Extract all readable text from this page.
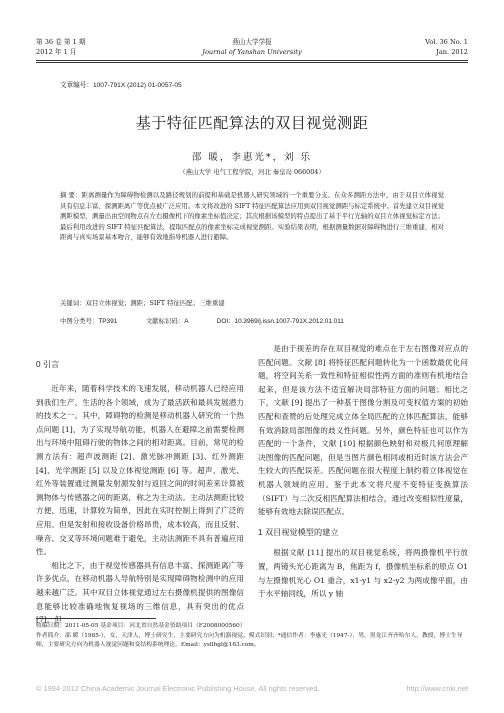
第 36 卷 第 1 期
2012 年 1 月
燕山大学学报
Journal of Yanshan University
Vol. 36 No. 1
Jan. 2012
文章编号：1007-791X (2012) 01-0057-05
基于特征匹配算法的双目视觉测距
邵 暖，李惠光*，刘 乐
（燕山大学 电气工程学院，河北 秦皇岛 066004）
摘 要：距离测量作为障碍物检测以及路径规划的前提和基础是机器人研究领域的一个重要分支。在众多测距方法中，由于双目立体视觉具有信息丰富、探测距离广等优点被广泛应用。本文将改进的 SIFT 特征匹配算法应用到双目视觉测距与标定系统中。首先建立双目视觉测距模型，测量出由空间物点在左右摄像机下的像素坐标值决定；其次根据该模型的特点提出了基于平行光轴的双目立体视觉标定方法；最后利用改进的 SIFT 特征匹配算法，提取匹配点的像素坐标完成视觉测距。实验结果表明，根据测量数据对障碍物进行三维重建，相对距离与真实场景基本吻合，能够有效地指导机器人进行避障。
关键词：双目立体视觉；测距；SIFT 特征匹配；三维重建
中图分类号：TP391	文献标识码：A	DOI：10.3969/j.issn.1007-791X.2012.01.011
0 引言

近年来，随着科学技术的飞速发展，移动机器人已经应用到我们生产、生活的各个领域，成为了最活跃和最具发展潜力的技术之一。其中，障碍物的检测是移动机器人研究的一个热点问题 [1]，为了实现导航功能，机器人在避障之前需要检测出与环境中阻碍行驶的物体之间的相对距离。目前，常见的检测方法有：超声波测距 [2]、激光脉冲测距 [3]、红外测距 [4]、光学测距 [5] 以及立体视觉测距 [6] 等。超声、激光、红外等装置通过测量发射源发射与返回之间的时间差来计算被测物体与传感器之间的距离，称之为主动法。主动法测距比较方便、迅速，计算较为简单，因此在实时控制上得到了广泛的应用。但是发射和接收设备价格昂贵，成本较高，而且反射、噪音、交叉等环境问题难于避免，主动法测距不具有普遍应用性。

相比之下，由于视觉传感器具有信息丰富、探测距离广等许多优点，在移动机器人导航特别是实现障碍物检测中的应用越来越广泛。其中双目立体视觉通过左右摄像机提供的图像信息能够比较准确地恢复视场的三维信息，具有突出的优点 [7]，但

是由于视差的存在双目视觉的难点在于左右图像对应点的匹配问题。文献 [8] 将特征匹配问题转化为一个函数最优化问题，将空间关系一致性和特征相似性两方面的准则有机地结合起来，但是该方法不适宜解决局部特征方面的问题；相比之下，文献 [9] 提出了一种基于图像分割及可变权值方案的初始匹配和查赞的后处理完成立体全局匹配的立体匹配算法，能够有效消除局部图像的歧义性问题。另外，颜色特征也可以作为匹配的一个条件，文献 [10] 根据颜色映射和对极几何原理解决图像的匹配问题，但是当图片颜色相同或相近时该方法会产生较大的匹配误差。匹配问题在很大程度上制约着立体视觉在机器人领域的应用。鉴于此本文将尺度不变特征变换算法（SIFT）与二次反相匹配算法相结合，通过改变相似性度量，能够有效地去除误匹配点。

1 双目视觉模型的建立

根据文献 [11] 提出的双目视觉系统，将两摄像机平行放置，两镜头光心距离为 B，焦距为 f，摄像机坐标系的原点 O1 与左摄像机光心 O1 重合，x1-y1 与 x2-y2 为两成像平面，由于水平轴同线，所以 y 轴

收稿日期：2011-05-05 基金项目：河北省自然基金资助项目（F2008000560）
作者简介：邵 暖（1985-），女，天津人，博士研究生，主要研究方向为机器视觉、模式识别；*通信作者：李惠光（1947-），男，黑龙江齐齐哈尔人，教授，博士生导师，主要研究方向为机器人视觉问题和变结构系统理论，Email：ysllhgl@163.com。
© 1994-2012 China Academic Journal Electronic Publishing House. All rights reserved.	http://www.cnki.net
